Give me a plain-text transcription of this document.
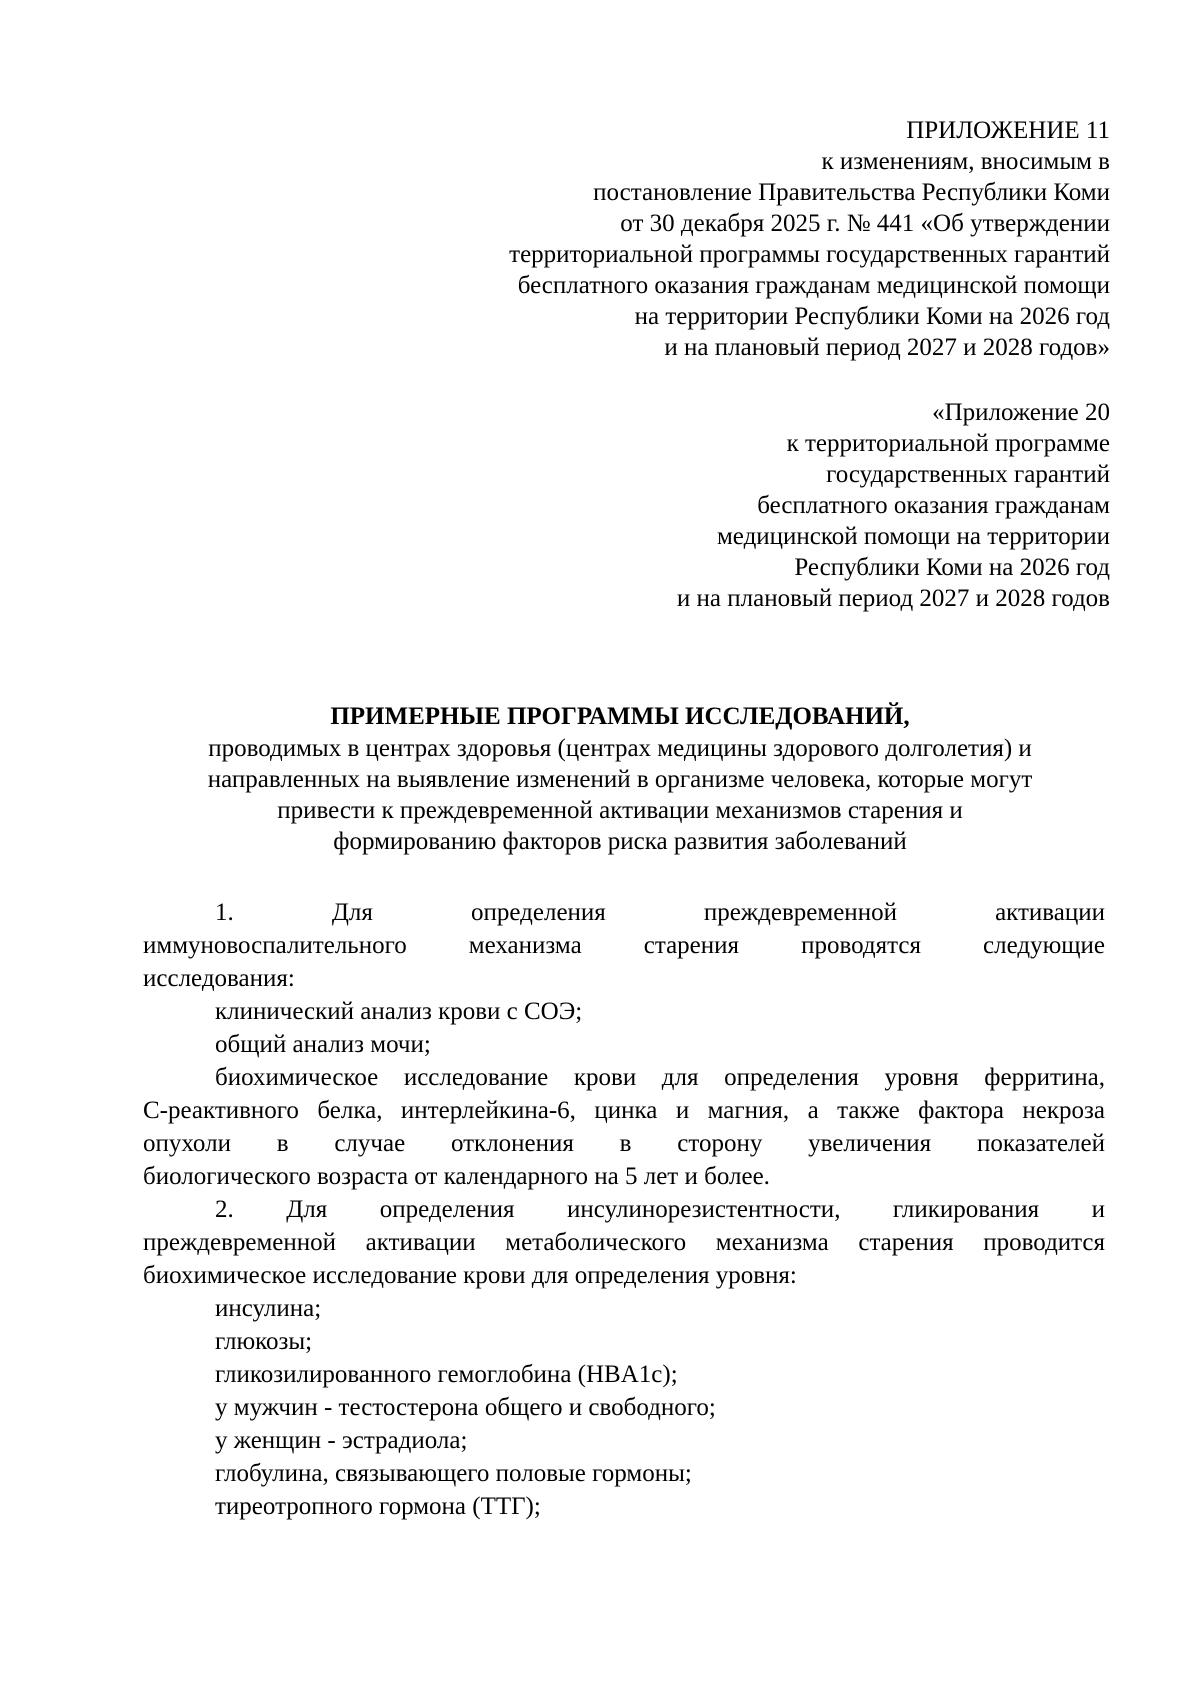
ПРИЛОЖЕНИЕ 11
к изменениям, вносимым в
постановление Правительства Республики Коми
от 30 декабря 2025 г. № 441 «Об утверждении
территориальной программы государственных гарантий
бесплатного оказания гражданам медицинской помощи
на территории Республики Коми на 2026 год
и на плановый период 2027 и 2028 годов»
«Приложение 20
к территориальной программе
государственных гарантий
бесплатного оказания гражданам
медицинской помощи на территории
Республики Коми на 2026 год
и на плановый период 2027 и 2028 годов
ПРИМЕРНЫЕ ПРОГРАММЫ ИССЛЕДОВАНИЙ,
проводимых в центрах здоровья (центрах медицины здорового долголетия) и
направленных на выявление изменений в организме человека, которые могут
привести к преждевременной активации механизмов старения и
формированию факторов риска развития заболеваний
1. Для определения преждевременной активации
иммуновоспалительного механизма старения проводятся следующие
исследования:
клинический анализ крови с СОЭ;
общий анализ мочи;
биохимическое исследование крови для определения уровня ферритина,
С-реактивного белка, интерлейкина-6, цинка и магния, а также фактора некроза
опухоли в случае отклонения в сторону увеличения показателей
биологического возраста от календарного на 5 лет и более.
2. Для определения инсулинорезистентности, гликирования и
преждевременной активации метаболического механизма старения проводится
биохимическое исследование крови для определения уровня:
инсулина;
глюкозы;
гликозилированного гемоглобина (HBA1c);
у мужчин - тестостерона общего и свободного;
у женщин - эстрадиола;
глобулина, связывающего половые гормоны;
тиреотропного гормона (ТТГ);
